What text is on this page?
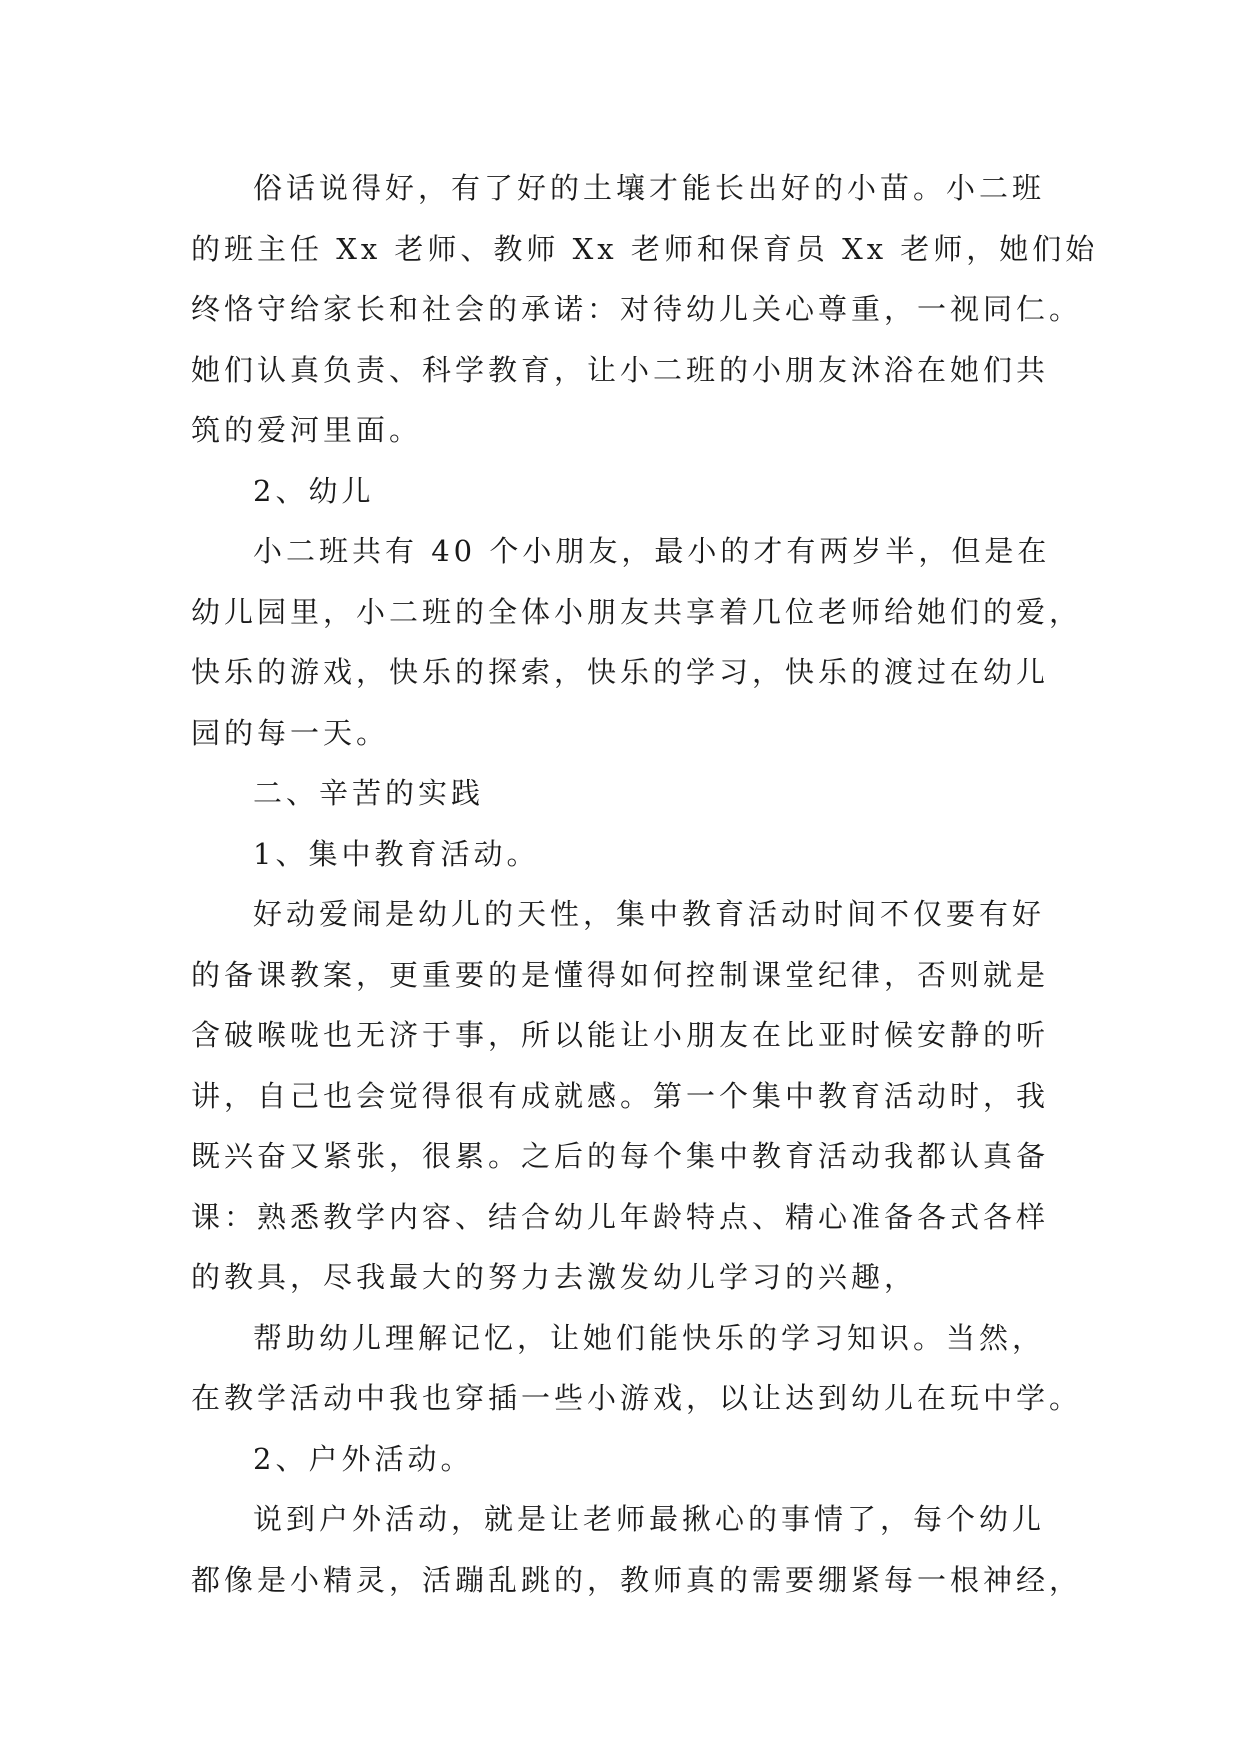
俗话说得好，有了好的土壤才能长出好的小苗。小二班
的班主任 Xx 老师、教师 Xx 老师和保育员 Xx 老师，她们始
终恪守给家长和社会的承诺：对待幼儿关心尊重，一视同仁。
她们认真负责、科学教育，让小二班的小朋友沐浴在她们共
筑的爱河里面。
2、幼儿
小二班共有 40 个小朋友，最小的才有两岁半，但是在
幼儿园里，小二班的全体小朋友共享着几位老师给她们的爱，
快乐的游戏，快乐的探索，快乐的学习，快乐的渡过在幼儿
园的每一天。
二、辛苦的实践
1、集中教育活动。
好动爱闹是幼儿的天性，集中教育活动时间不仅要有好
的备课教案，更重要的是懂得如何控制课堂纪律，否则就是
含破喉咙也无济于事，所以能让小朋友在比亚时候安静的听
讲，自己也会觉得很有成就感。第一个集中教育活动时，我
既兴奋又紧张，很累。之后的每个集中教育活动我都认真备
课：熟悉教学内容、结合幼儿年龄特点、精心准备各式各样
的教具，尽我最大的努力去激发幼儿学习的兴趣，
帮助幼儿理解记忆，让她们能快乐的学习知识。当然，
在教学活动中我也穿插一些小游戏，以让达到幼儿在玩中学。
2、户外活动。
说到户外活动，就是让老师最揪心的事情了，每个幼儿
都像是小精灵，活蹦乱跳的，教师真的需要绷紧每一根神经，
